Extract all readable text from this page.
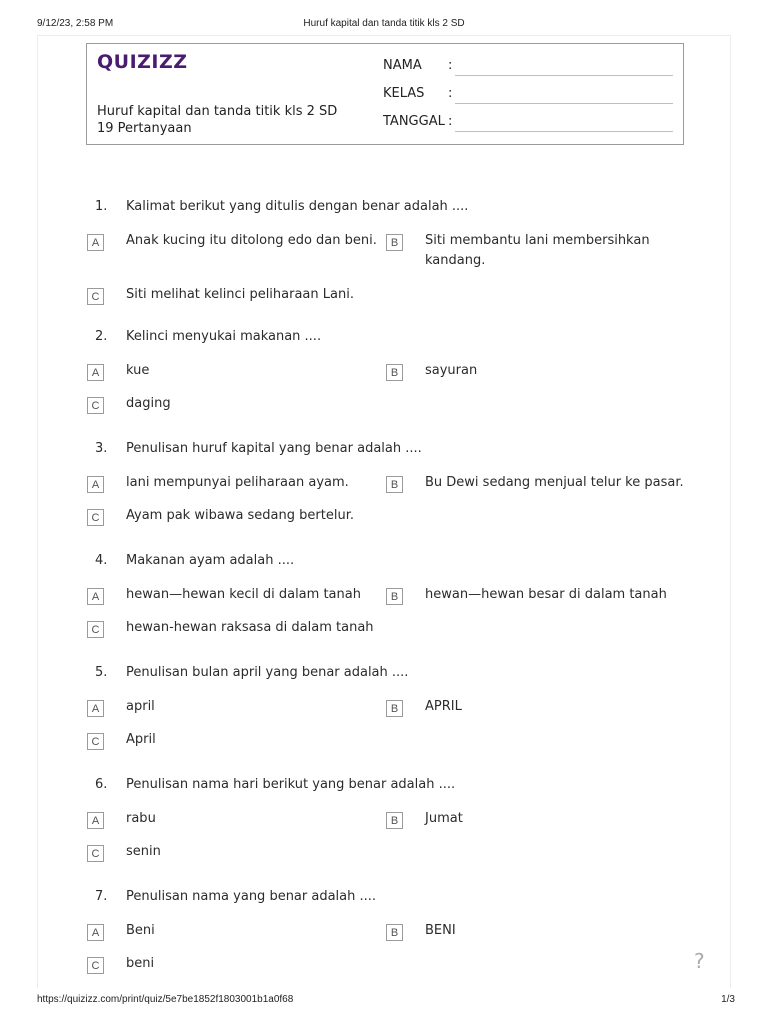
9/12/23, 2:58 PM	Huruf kapital dan tanda titik kls 2 SD
QUIZIZZ
Huruf kapital dan tanda titik kls 2 SD
19 Pertanyaan
NAMA :
KELAS :
TANGGAL :
1. Kalimat berikut yang ditulis dengan benar adalah ....
A	Anak kucing itu ditolong edo dan beni.	B	Siti membantu lani membersihkan kandang.
C	Siti melihat kelinci peliharaan Lani.
2. Kelinci menyukai makanan ....
A	kue	B	sayuran
C	daging
3. Penulisan huruf kapital yang benar adalah ....
A	lani mempunyai peliharaan ayam.	B	Bu Dewi sedang menjual telur ke pasar.
C	Ayam pak wibawa sedang bertelur.
4. Makanan ayam adalah ....
A	hewan—hewan kecil di dalam tanah	B	hewan—hewan besar di dalam tanah
C	hewan-hewan raksasa di dalam tanah
5. Penulisan bulan april yang benar adalah ....
A	april	B	APRIL
C	April
6. Penulisan nama hari berikut yang benar adalah ....
A	rabu	B	Jumat
C	senin
7. Penulisan nama yang benar adalah ....
A	Beni	B	BENI
C	beni	?
https://quizizz.com/print/quiz/5e7be1852f1803001b1a0f68	1/3
